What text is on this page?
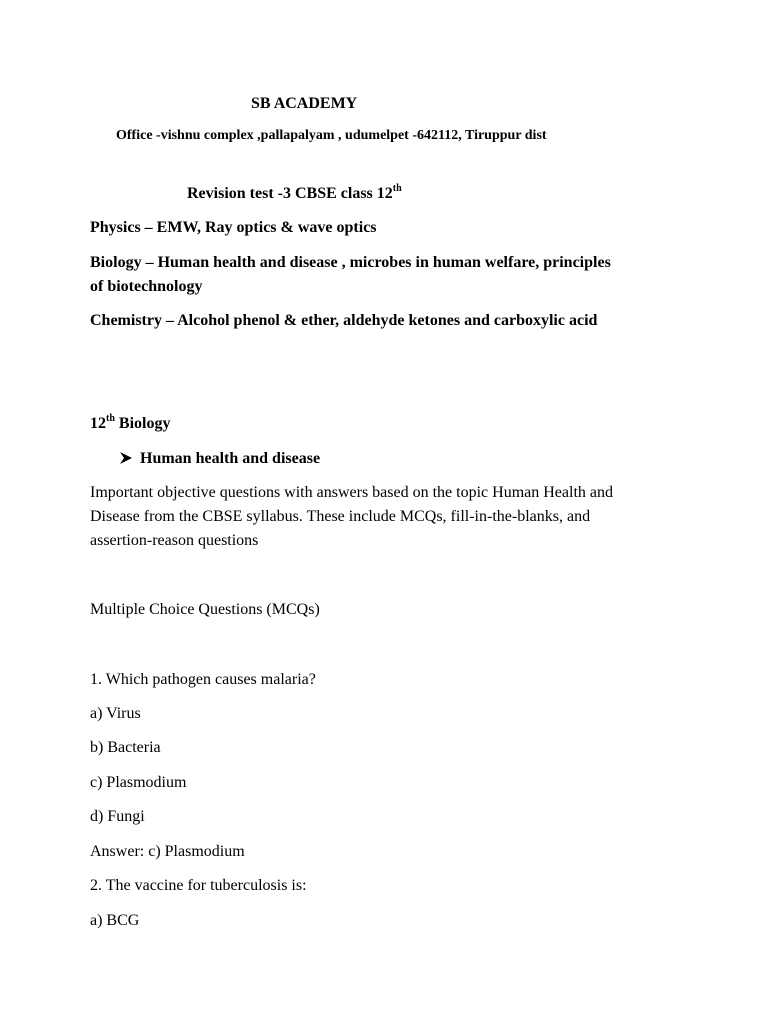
SB ACADEMY
Office -vishnu complex ,pallapalyam , udumelpet -642112, Tiruppur dist
Revision test -3 CBSE class 12th
Physics – EMW, Ray optics & wave optics
Biology – Human health and disease , microbes in human welfare, principles
of biotechnology
Chemistry – Alcohol phenol & ether, aldehyde ketones and carboxylic acid
12th Biology
Human health and disease
Important objective questions with answers based on the topic Human Health and
Disease from the CBSE syllabus. These include MCQs, fill-in-the-blanks, and
assertion-reason questions
Multiple Choice Questions (MCQs)
1. Which pathogen causes malaria?
a) Virus
b) Bacteria
c) Plasmodium
d) Fungi
Answer: c) Plasmodium
2. The vaccine for tuberculosis is:
a) BCG
